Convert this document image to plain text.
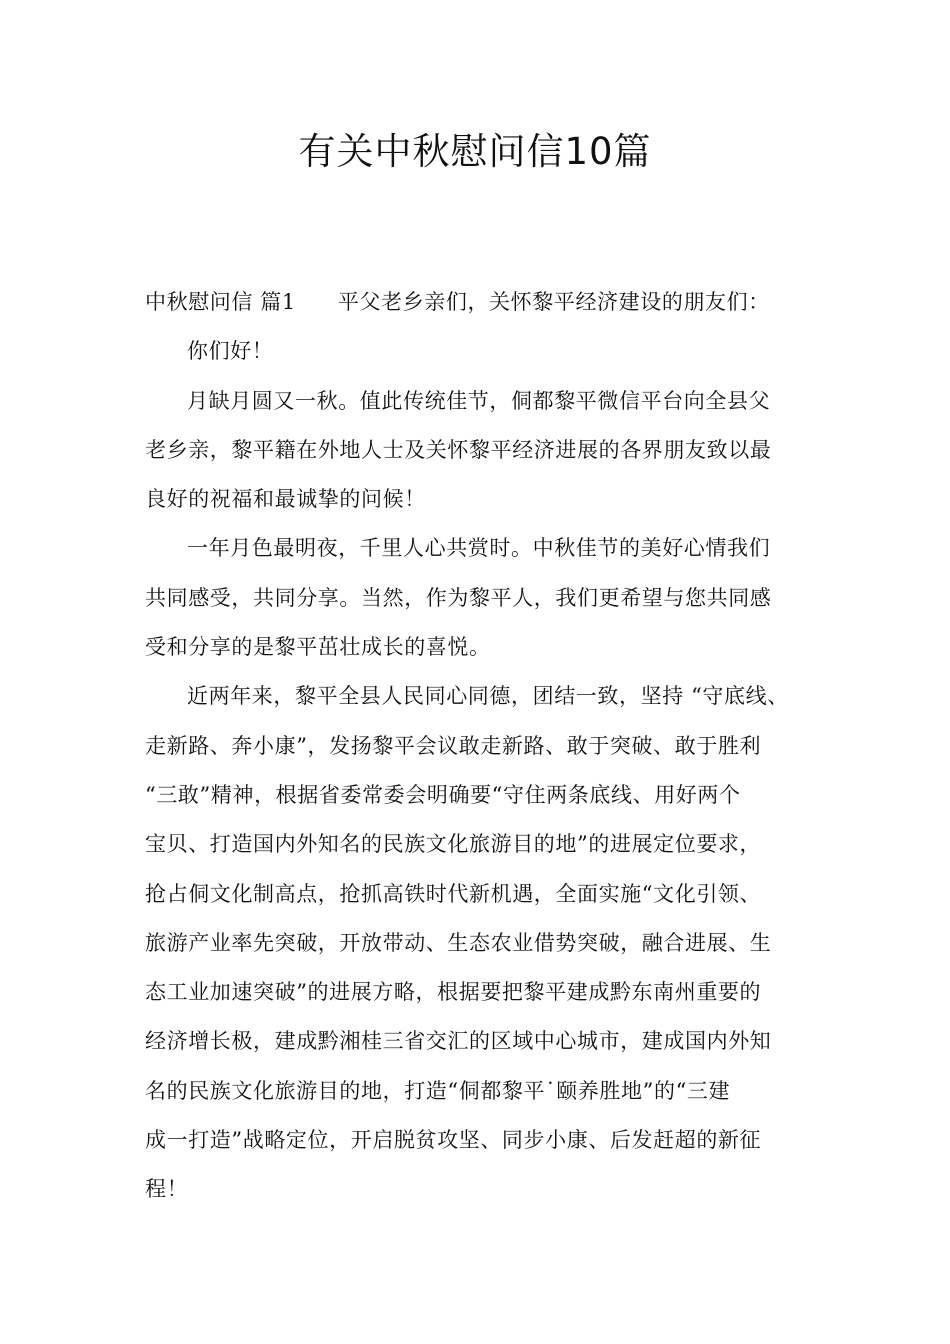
有关中秋慰问信10篇
中秋慰问信 篇1 平父老乡亲们，关怀黎平经济建设的朋友们：
你们好！
月缺月圆又一秋。值此传统佳节，侗都黎平微信平台向全县父
老乡亲，黎平籍在外地人士及关怀黎平经济进展的各界朋友致以最
良好的祝福和最诚挚的问候！
一年月色最明夜，千里人心共赏时。中秋佳节的美好心情我们
共同感受，共同分享。当然，作为黎平人，我们更希望与您共同感
受和分享的是黎平茁壮成长的喜悦。
近两年来，黎平全县人民同心同德，团结一致，坚持 “守底线、
走新路、奔小康”，发扬黎平会议敢走新路、敢于突破、敢于胜利
“三敢”精神，根据省委常委会明确要“守住两条底线、用好两个
宝贝、打造国内外知名的民族文化旅游目的地”的进展定位要求，
抢占侗文化制高点，抢抓高铁时代新机遇，全面实施“文化引领、
旅游产业率先突破，开放带动、生态农业借势突破，融合进展、生
态工业加速突破”的进展方略，根据要把黎平建成黔东南州重要的
经济增长极，建成黔湘桂三省交汇的区域中心城市，建成国内外知
名的民族文化旅游目的地，打造“侗都黎平˙颐养胜地”的“三建
成一打造”战略定位，开启脱贫攻坚、同步小康、后发赶超的新征
程！
